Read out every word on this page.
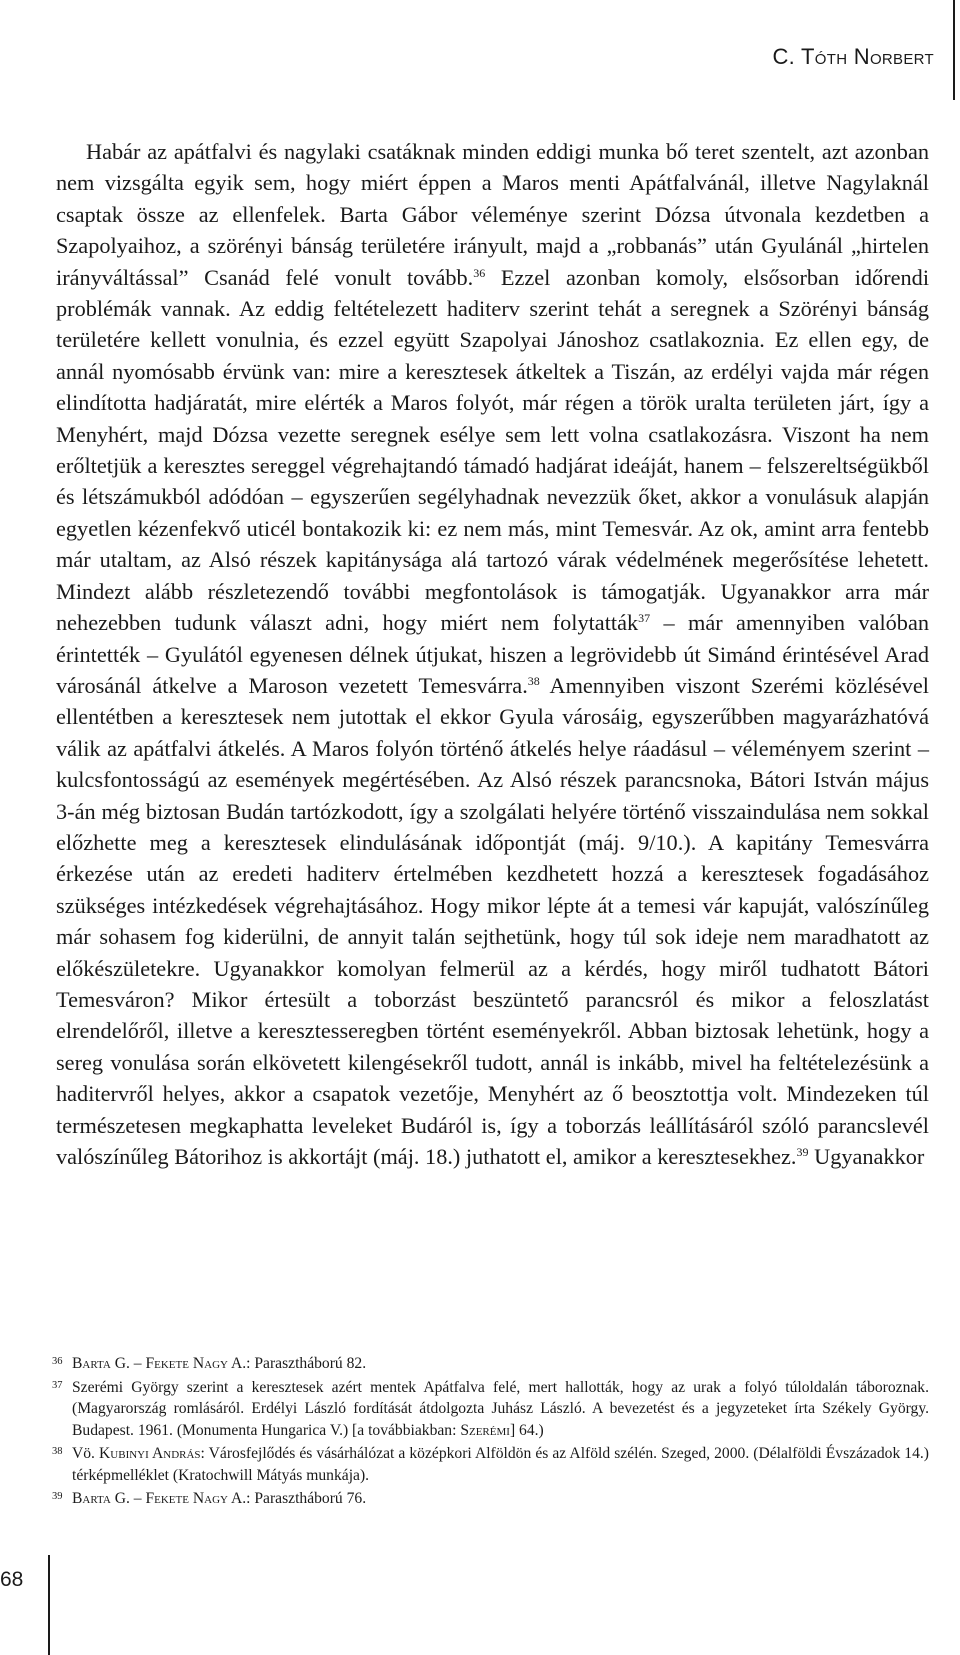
C. Tóth Norbert

Habár az apátfalvi és nagylaki csatáknak minden eddigi munka bő teret szentelt, azt azonban nem vizsgálta egyik sem, hogy miért éppen a Maros menti Apátfalvánál, illetve Nagylaknál csaptak össze az ellenfelek. Barta Gábor véleménye szerint Dózsa útvonala kezdetben a Szapolyaihoz, a szörényi bánság területére irányult, majd a „robbanás” után Gyulánál „hirtelen irányváltással” Csanád felé vonult tovább.$^{36}$ Ezzel azonban komoly, elsősorban időrendi problémák vannak. Az eddig feltételezett haditerv szerint tehát a seregnek a Szörényi bánság területére kellett vonulnia, és ezzel együtt Szapolyai Jánoshoz csatlakoznia. Ez ellen egy, de annál nyomósabb érvünk van: mire a keresztesek átkeltek a Tiszán, az erdélyi vajda már régen elindította hadjáratát, mire elérték a Maros folyót, már régen a török uralta területen járt, így a Menyhért, majd Dózsa vezette seregnek esélye sem lett volna csatlakozásra. Viszont ha nem erőltetjük a keresztes sereggel végrehajtandó támadó hadjárat ideáját, hanem – felszereltségükből és létszámukból adódóan – egyszerűen segélyhadnak nevezzük őket, akkor a vonulásuk alapján egyetlen kézenfekvő uticél bontakozik ki: ez nem más, mint Temesvár. Az ok, amint arra fentebb már utaltam, az Alsó részek kapitánysága alá tartozó várak védelmének megerősítése lehetett. Mindezt alább részletezendő további megfontolások is támogatják. Ugyanakkor arra már nehezebben tudunk választ adni, hogy miért nem folytatták$^{37}$ – már amennyiben valóban érintették – Gyulától egyenesen délnek útjukat, hiszen a legrövidebb út Simánd érintésével Arad városánál átkelve a Maroson vezetett Temesvárra.$^{38}$ Amennyiben viszont Szerémi közlésével ellentétben a keresztesek nem jutottak el ekkor Gyula városáig, egyszerűbben magyarázhatóvá válik az apátfalvi átkelés. A Maros folyón történő átkelés helye ráadásul – véleményem szerint – kulcsfontosságú az események megértésében. Az Alsó részek parancsnoka, Bátori István május 3-án még biztosan Budán tartózkodott, így a szolgálati helyére történő visszaindulása nem sokkal előzhette meg a keresztesek elindulásának időpontját (máj. 9/10.). A kapitány Temesvárra érkezése után az eredeti haditerv értelmében kezdhetett hozzá a keresztesek fogadásához szükséges intézkedések végrehajtásához. Hogy mikor lépte át a temesi vár kapuját, valószínűleg már sohasem fog kiderülni, de annyit talán sejthetünk, hogy túl sok ideje nem maradhatott az előkészületekre. Ugyanakkor komolyan felmerül az a kérdés, hogy miről tudhatott Bátori Temesváron? Mikor értesült a toborzást beszüntető parancsról és mikor a feloszlatást elrendelőről, illetve a keresztesseregben történt eseményekről. Abban biztosak lehetünk, hogy a sereg vonulása során elkövetett kilengésekről tudott, annál is inkább, mivel ha feltételezésünk a haditervről helyes, akkor a csapatok vezetője, Menyhért az ő beosztottja volt. Mindezeken túl természetesen megkaphatta leveleket Budáról is, így a toborzás leállításáról szóló parancslevél valószínűleg Bátorihoz is akkortájt (máj. 18.) juthatott el, amikor a keresztesekhez.$^{39}$ Ugyanakkor

36 Barta G. – Fekete Nagy A.: Parasztháború 82.
37 Szerémi György szerint a keresztesek azért mentek Apátfalva felé, mert hallották, hogy az urak a folyó túloldalán táboroznak. (Magyarország romlásáról. Erdélyi László fordítását átdolgozta Juhász László. A bevezetést és a jegyzeteket írta Székely György. Budapest. 1961. (Monumenta Hungarica V.) [a továbbiakban: Szerémi] 64.)
38 Vö. Kubinyi András: Városfejlődés és vásárhálózat a középkori Alföldön és az Alföld szélén. Szeged, 2000. (Délalföldi Évszázadok 14.) térképmelléklet (Kratochwill Mátyás munkája).
39 Barta G. – Fekete Nagy A.: Parasztháború 76.
68
